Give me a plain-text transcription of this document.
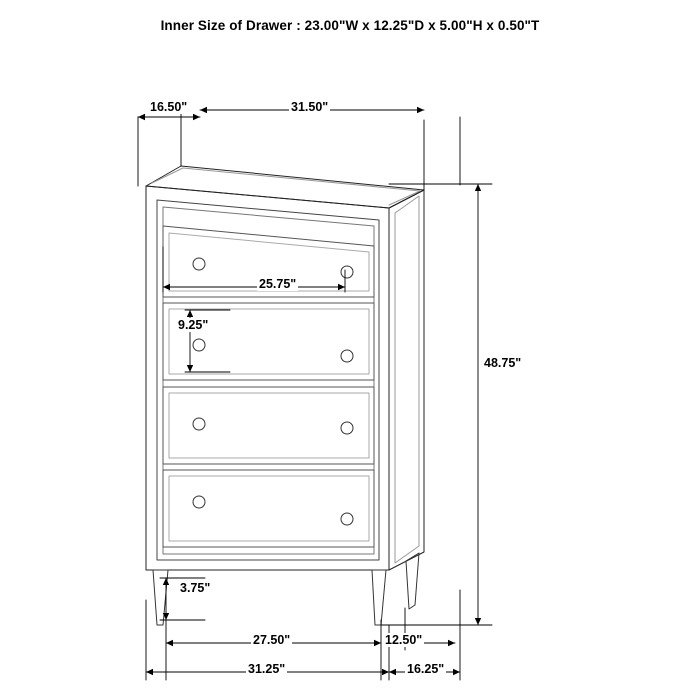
Inner Size of Drawer : 23.00"W x 12.25"D x 5.00"H x 0.50"T
16.50"	31.50"
48.75"
25.75"
9.25"
3.75"
27.50"
31.25"	16.25"
12.50"
